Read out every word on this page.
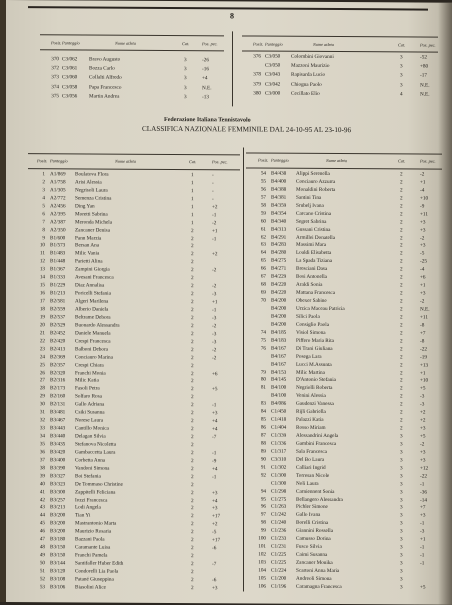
8
Posiz. Punteggio	Nome atleta	Cat.	Pos. pec.
370 C3/062 Bravo Augusto	3	-26
372 C3/061 Bozza Carlo	3	-16
373 C3/060 Collalti Alfredo	3	+4
374 C3/058 Papa Francesco	3	N.E.
375 C3/056 Martin Andrea	3	-13
Posiz. Punteggio	Nome atleta	Cat.	Pos. pec.
376 C3/050 Colombini Giovanni	3	-52
C3/050 Mazzoni Maurizio	3	+80
378 C3/043 Rapisarda Lucio	3	-17
379 C3/042 Chiogna Paolo	3	N.E.
380 C3/000 Cecillato Elio	4	N.E.
Federazione Italiana Tennistavolo
CLASSIFICA NAZIONALE FEMMINILE DAL 24-10-95 AL 23-10-96
Posiz. Punteggio	Nome atleta	Cat.	Pos. pec.
1 A1/869 Boulatova Flora	1	-
2 A1/758 Arisi Alessia	1	-
3 A1/305 Negrisoli Laura	1	-
4 A2/772 Semenza Cristina	1	-
5 A2/456 Ding Yan	1	+2
6 A2/395 Moretti Sabrina	1	-1
7 A2/387 Meronda Michela	1	-2
8 A2/350 Zancaner Denisa	2	+1
9 B1/600 Pann Marzia	2	-1
10 B1/573 Bersan Ana	2
11 B1/483 Milic Vania	2	+2
12 B1/448 Parietti Alina	2
13 B1/367 Zampini Giorgia	2	-2
14 B1/333 Avesani Francesca	2
15 B1/229 Diaz Annalisa	2	-2
16 B1/213 Poricelli Stefania	2	-3
17 B2/581 Algeri Marilena	2	+1
18 B2/559 Alberio Daniela	2	-1
19 B2/537 Beltrame Debora	2	-3
20 B2/529 Buonardo Alessandra	2	-2
21 B2/452 Daniele Manuela	2	-3
22 B2/420 Crespi Francesca	2	-3
23 B2/413 Balboni Debora	2	-2
24 B2/369 Conciauro Marina	2	-2
25 B2/357 Crespi Chiara	2
26 B2/320 Franchi Monia	2	+6
27 B2/316 Milic Katia	2
28 B2/173 Fasoli Petra	2	+5
29 B2/160 Solfaro Rosa	2
30 B2/131 Gallo Adriana	2	-1
31 B3/481 Csiki Susanna	2	+3
32 B3/467 Norese Laura	2	+4
33 B3/443 Cantillo Monica	2	+4
34 B3/440 Delagan Silvia	2	-7
35 B3/435 Stefanova Nicoletta	2
36 B3/420 Gambaccetta Laura	2	-1
37 B3/400 Corbetta Anna	2	-9
38 B3/390 Vandoni Simona	2	+4
39 B3/327 Boi Stefania	2	-1
40 B3/323 De Tommaso Christine	2
41 B3/300 Zappitelli Feliciana	2	+3
42 B3/257 Iozzi Francesca	2	+4
43 B3/213 Lodi Angela	2	+3
44 B3/200 Tian Yi	2	+17
45 B3/200 Mastrantonio Marta	2	+2
46 B3/200 Maurizio Rosaria	2	-5
47 B3/180 Bazzani Paola	2	+17
48 B3/150 Caramante Luisa	2	-6
49 B3/150 Franchi Pamela	2
50 B3/144 Santifaller Huber Edith	2	-7
51 B3/120 Condorelli Lia Paola	2
52 B3/108 Patané Giuseppina	2	-6
53 B3/106 Biasolini Alice	2	+3
Posiz. Punteggio	Nome atleta	Cat.	Pos. pec.
54 B4/438 Alippi Serenella	2	-2
55 B4/400 Conciauro Azzurra	2	+1
56 B4/388 Monaldini Roberta	2	-4
57 B4/381 Santini Tina	2	+10
58 B4/359 Srubelj Ivana	2	-9
59 B4/354 Carcano Cristina	2	+11
60 B4/340 Segret Sabrina	2	+3
61 B4/313 Gussani Cristina	2	+3
62 B4/291 Armillei Donatella	2	-2
63 B4/283 Massimi Mara	2	+3
64 B4/280 Loaldi Elisabetta	2	-5
65 B4/275 La Spada Tiziana	2	-25
66 B4/271 Bresciani Dasa	2	-4
67 B4/229 Bosi Antonella	2	+6
68 B4/220 Araldi Sonia	2	+1
69 B4/220 Mattana Francesca	2	+3
70 B4/200 Obexer Sabine	2	-2
B4/200 Urzica Maceau Patricia	2	N.E.
B4/200 Silici Paola	2	+11
B4/200 Consiglio Paola	2	-8
74 B4/185 Visiol Simona	2	+7
75 B4/183 Piffero Maria Rita	2	-8
76 B4/167 Di Trani Giuliana	2	-22
B4/167 Posega Lara	2	-19
B4/167 Lucci M.Assunta	2	+13
79 B4/153 Milic Martina	2	+1
80 B4/145 D'Antonio Stefania	2	+10
81 B4/100 Negriolli Roberta	2	+5
B4/100 Venini Alessia	2	-3
83 B4/086 Gaudenzi Vanessa	2	-3
84 C1/450 Rijli Gabriella	2	+2
85 C1/418 Palazzi Katia	2	+2
86 C1/404 Rosso Miriam	2	+3
87 C1/339 Alessandrini Angela	3	+5
88 C1/336 Gambini Francesca	3	-2
89 C1/317 Sala Francesca	3	+3
90 C3/310 Del Bo Laura	3	+3
91 C1/302 Calliari Ingrid	3	+12
92 C1/300 Torresan Nicole	3	-22
C1/300 Noli Laura	3	-1
94 C1/298 Carniennent Sonia	3	-36
95 C1/275 Bellangero Alessandra	3	-14
96 C1/263 Pichler Simone	3	+7
97 C1/242 Gallo Ivana	3	+3
98 C1/240 Borelli Cristina	3	-1
99 C1/236 Giannini Rossella	3	-3
100 C1/233 Camusso Dorina	3	+1
101 C1/231 Fusco Silvia	3	-1
102 C1/225 Caimi Susanna	3	-1
103 C1/225 Zancaner Monika	3	-1
104 C1/224 Scartoni Anna Maria	3
105 C1/200 Andreoli Simona	3
106 C1/196 Caramagna Francesca	3	+5
